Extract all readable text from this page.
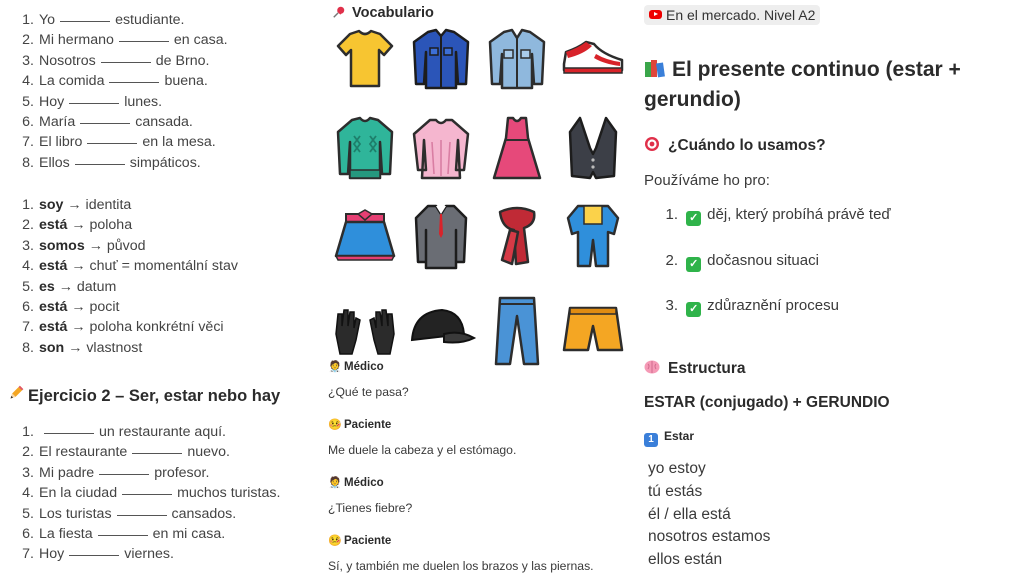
1. Yo	estudiante.
2. Mi hermano	en casa.
3. Nosotros	de Brno.
4. La comida	buena.
5. Hoy	lunes.
6. María	cansada.
7. El libro	en la mesa.
8. Ellos	simpáticos.
1. soy → identita
2. está → poloha
3. somos → původ
4. está → chuť = momentální stav
5. es → datum
6. está → pocit
7. está → poloha konkrétní věci
8. son → vlastnost
Ejercicio 2 – Ser, estar nebo hay
1.	un restaurante aquí.
2. El restaurante	nuevo.
3. Mi padre	profesor.
4. En la ciudad	muchos turistas.
5. Los turistas	cansados.
6. La fiesta	en mi casa.
7. Hoy	viernes.
Vocabulario
🧑‍⚕️ Médico
¿Qué te pasa?
🤒 Paciente
Me duele la cabeza y el estómago.
🧑‍⚕️ Médico
¿Tienes fiebre?
🤒 Paciente
Sí, y también me duelen los brazos y las piernas.
En el mercado. Nivel A2
El presente continuo (estar + gerundio)
¿Cuándo lo usamos?
Používáme ho pro:
1. ✓ děj, který probíhá právě teď
2. ✓ dočasnou situaci
3. ✓ zdůraznění procesu
Estructura
ESTAR (conjugado) + GERUNDIO
1 Estar
yo estoy
tú estás
él / ella está
nosotros estamos
ellos están
